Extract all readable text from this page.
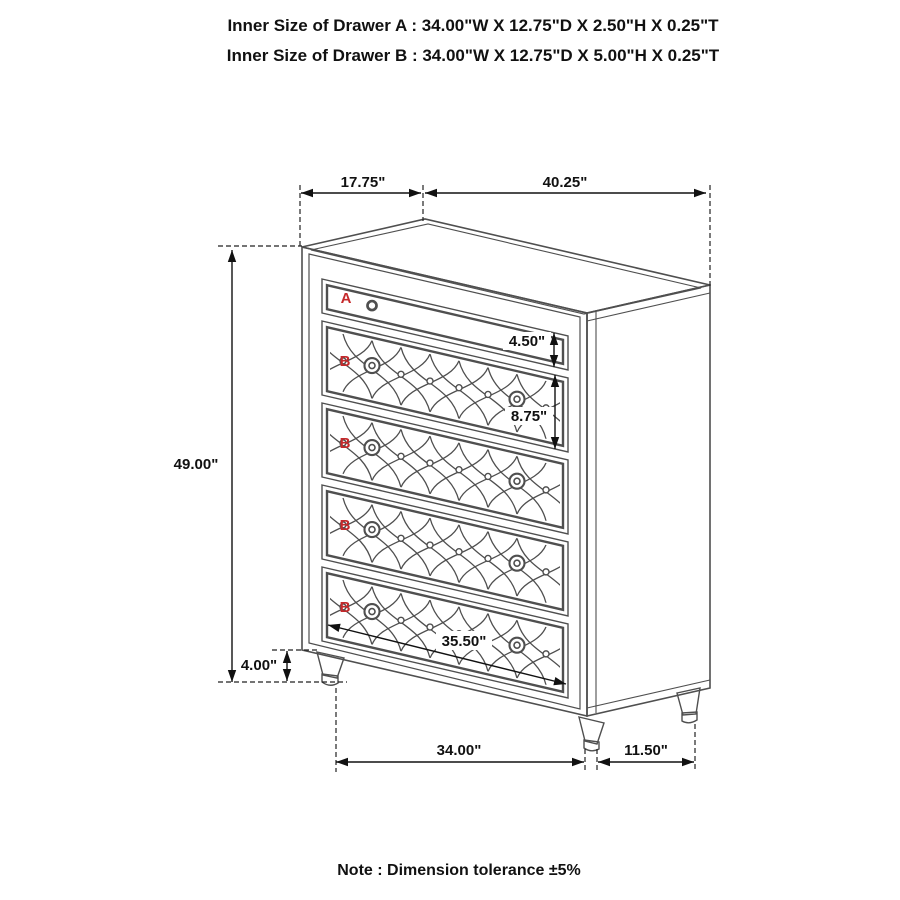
Inner Size of Drawer A : 34.00"W X 12.75"D X 2.50"H X 0.25"T
Inner Size of Drawer B : 34.00"W X 12.75"D X 5.00"H X 0.25"T
17.75"	40.25"
49.00"
4.50"
8.75"
4.00"
35.50"
34.00"	11.50"
A
B
B
B
B
Note : Dimension tolerance ±5%
